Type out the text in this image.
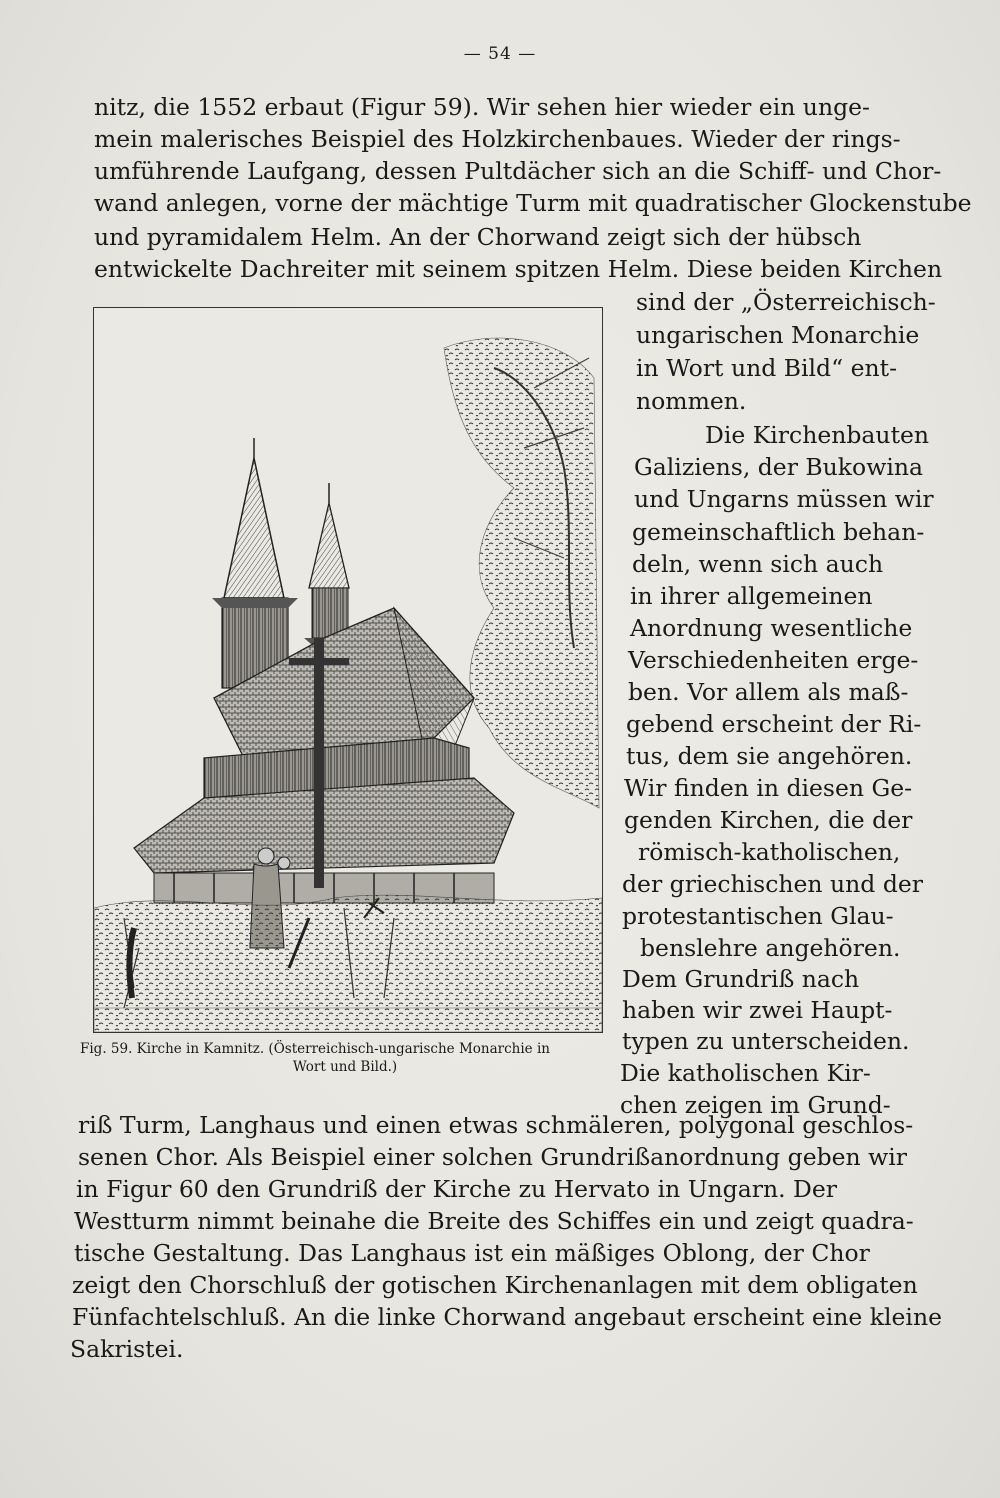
— 54 —
nitz, die 1552 erbaut (Figur 59). Wir sehen hier wieder ein unge‑
mein malerisches Beispiel des Holzkirchenbaues. Wieder der rings‑
umführende Laufgang, dessen Pultdächer sich an die Schiff‑ und Chor‑
wand anlegen, vorne der mächtige Turm mit quadratischer Glockenstube
und pyramidalem Helm. An der Chorwand zeigt sich der hübsch
entwickelte Dachreiter mit seinem spitzen Helm. Diese beiden Kirchen
sind der „Österreichisch‑
ungarischen Monarchie
in Wort und Bild“ ent‑
nommen.
Die Kirchenbauten
Galiziens, der Bukowina
und Ungarns müssen wir
gemeinschaftlich behan‑
deln, wenn sich auch
in ihrer allgemeinen
Anordnung wesentliche
Verschiedenheiten erge‑
ben. Vor allem als maß‑
gebend erscheint der Ri‑
tus, dem sie angehören.
Wir finden in diesen Ge‑
genden Kirchen, die der
römisch‑katholischen,
der griechischen und der
protestantischen Glau‑
benslehre angehören.
Dem Grundriß nach
haben wir zwei Haupt‑
typen zu unterscheiden.
Die katholischen Kir‑
chen zeigen im Grund‑
Fig. 59. Kirche in Kamnitz. (Österreichisch‑ungarische Monarchie in
Wort und Bild.)
riß Turm, Langhaus und einen etwas schmäleren, polygonal geschlos‑
senen Chor. Als Beispiel einer solchen Grundrißanordnung geben wir
in Figur 60 den Grundriß der Kirche zu Hervato in Ungarn. Der
Westturm nimmt beinahe die Breite des Schiffes ein und zeigt quadra‑
tische Gestaltung. Das Langhaus ist ein mäßiges Oblong, der Chor
zeigt den Chorschluß der gotischen Kirchenanlagen mit dem obligaten
Fünfachtelschluß. An die linke Chorwand angebaut erscheint eine kleine
Sakristei.
